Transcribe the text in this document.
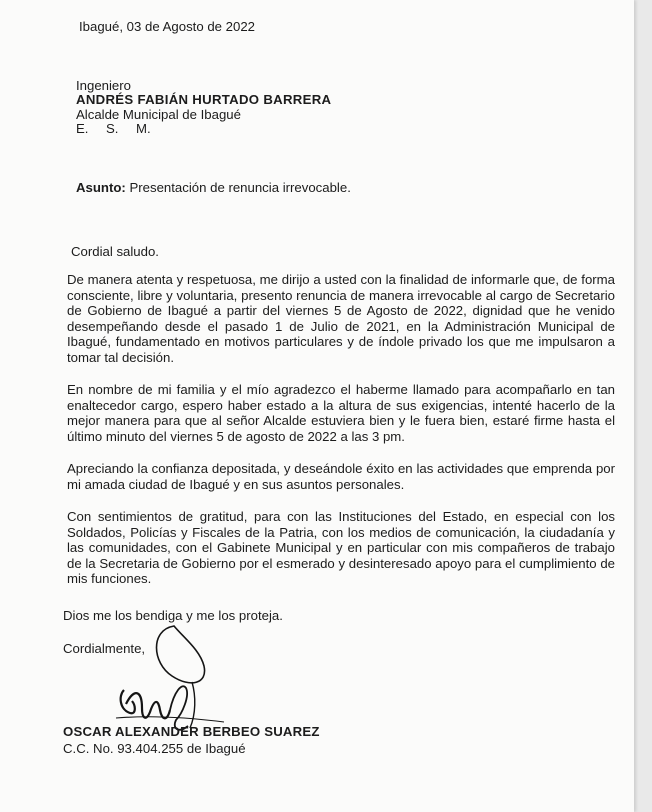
Ibagué, 03 de Agosto de 2022
Ingeniero
ANDRÉS FABIÁN HURTADO BARRERA
Alcalde Municipal de Ibagué
E. S. M.
Asunto: Presentación de renuncia irrevocable.
Cordial saludo.
De manera atenta y respetuosa, me dirijo a usted con la finalidad de informarle que, de forma consciente, libre y voluntaria, presento renuncia de manera irrevocable al cargo de Secretario de Gobierno de Ibagué a partir del viernes 5 de Agosto de 2022, dignidad que he venido desempeñando desde el pasado 1 de Julio de 2021, en la Administración Municipal de Ibagué, fundamentado en motivos particulares y de índole privado los que me impulsaron a tomar tal decisión.
En nombre de mi familia y el mío agradezco el haberme llamado para acompañarlo en tan enaltecedor cargo, espero haber estado a la altura de sus exigencias, intenté hacerlo de la mejor manera para que al señor Alcalde estuviera bien y le fuera bien, estaré firme hasta el último minuto del viernes 5 de agosto de 2022 a las 3 pm.
Apreciando la confianza depositada, y deseándole éxito en las actividades que emprenda por mi amada ciudad de Ibagué y en sus asuntos personales.
Con sentimientos de gratitud, para con las Instituciones del Estado, en especial con los Soldados, Policías y Fiscales de la Patria, con los medios de comunicación, la ciudadanía y las comunidades, con el Gabinete Municipal y en particular con mis compañeros de trabajo de la Secretaria de Gobierno por el esmerado y desinteresado apoyo para el cumplimiento de mis funciones.
Dios me los bendiga y me los proteja.
Cordialmente,
OSCAR ALEXANDER BERBEO SUAREZ
C.C. No. 93.404.255 de Ibagué
